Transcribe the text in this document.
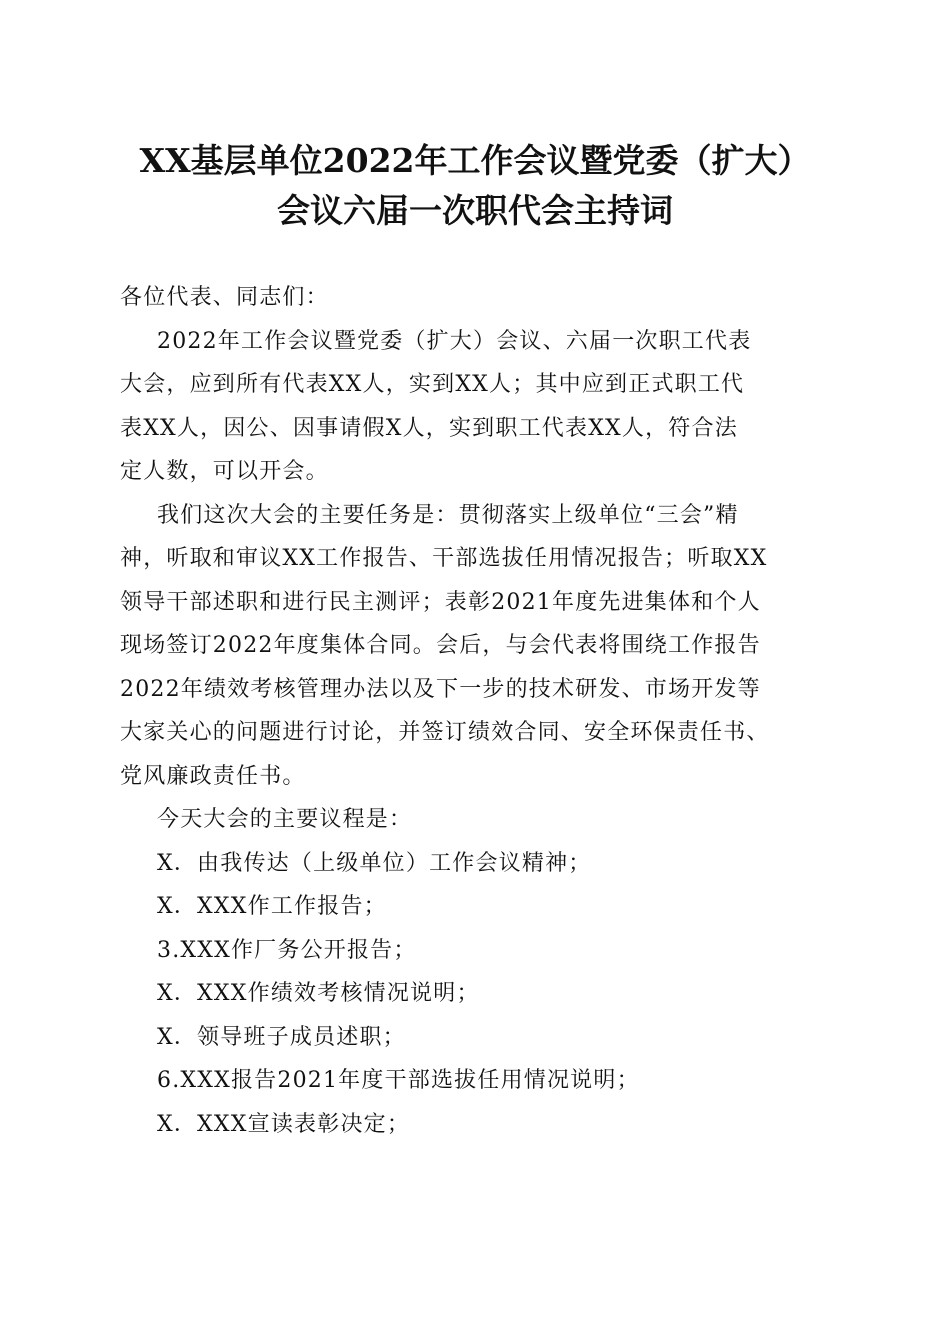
XX基层单位2022年工作会议暨党委（扩大）
会议六届一次职代会主持词
各位代表、同志们：
2022年工作会议暨党委（扩大）会议、六届一次职工代表
大会，应到所有代表XX人，实到XX人；其中应到正式职工代
表XX人，因公、因事请假X人，实到职工代表XX人，符合法
定人数，可以开会。
我们这次大会的主要任务是：贯彻落实上级单位“三会”精
神，听取和审议XX工作报告、干部选拔任用情况报告；听取XX
领导干部述职和进行民主测评；表彰2021年度先进集体和个人
现场签订2022年度集体合同。会后，与会代表将围绕工作报告
2022年绩效考核管理办法以及下一步的技术研发、市场开发等
大家关心的问题进行讨论，并签订绩效合同、安全环保责任书、
党风廉政责任书。
今天大会的主要议程是：
X．由我传达（上级单位）工作会议精神；
X．XXX作工作报告；
3.XXX作厂务公开报告；
X．XXX作绩效考核情况说明；
X．领导班子成员述职；
6.XXX报告2021年度干部选拔任用情况说明；
X．XXX宣读表彰决定；
